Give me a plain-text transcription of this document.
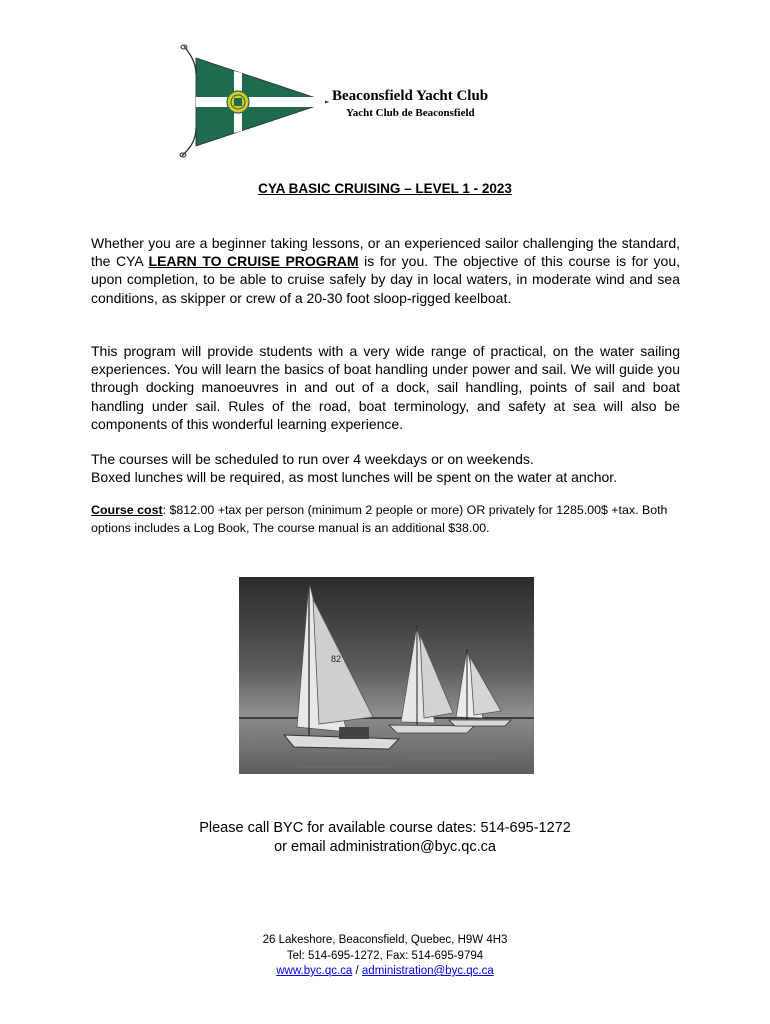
Beaconsfield Yacht Club
Yacht Club de Beaconsfield
CYA BASIC CRUISING – LEVEL 1 - 2023

Whether you are a beginner taking lessons, or an experienced sailor challenging the standard, the CYA LEARN TO CRUISE PROGRAM is for you. The objective of this course is for you, upon completion, to be able to cruise safely by day in local waters, in moderate wind and sea conditions, as skipper or crew of a 20-30 foot sloop-rigged keelboat.

This program will provide students with a very wide range of practical, on the water sailing experiences. You will learn the basics of boat handling under power and sail. We will guide you through docking manoeuvres in and out of a dock, sail handling, points of sail and boat handling under sail. Rules of the road, boat terminology, and safety at sea will also be components of this wonderful learning experience.

The courses will be scheduled to run over 4 weekdays or on weekends.

Boxed lunches will be required, as most lunches will be spent on the water at anchor.

Course cost: $812.00 +tax per person (minimum 2 people or more) OR privately for 1285.00$ +tax. Both options includes a Log Book, The course manual is an additional $38.00.

82
Please call BYC for available course dates: 514-695-1272
or email administration@byc.qc.ca
26 Lakeshore, Beaconsfield, Quebec, H9W 4H3
Tel: 514-695-1272, Fax: 514-695-9794
www.byc.qc.ca / administration@byc.qc.ca
